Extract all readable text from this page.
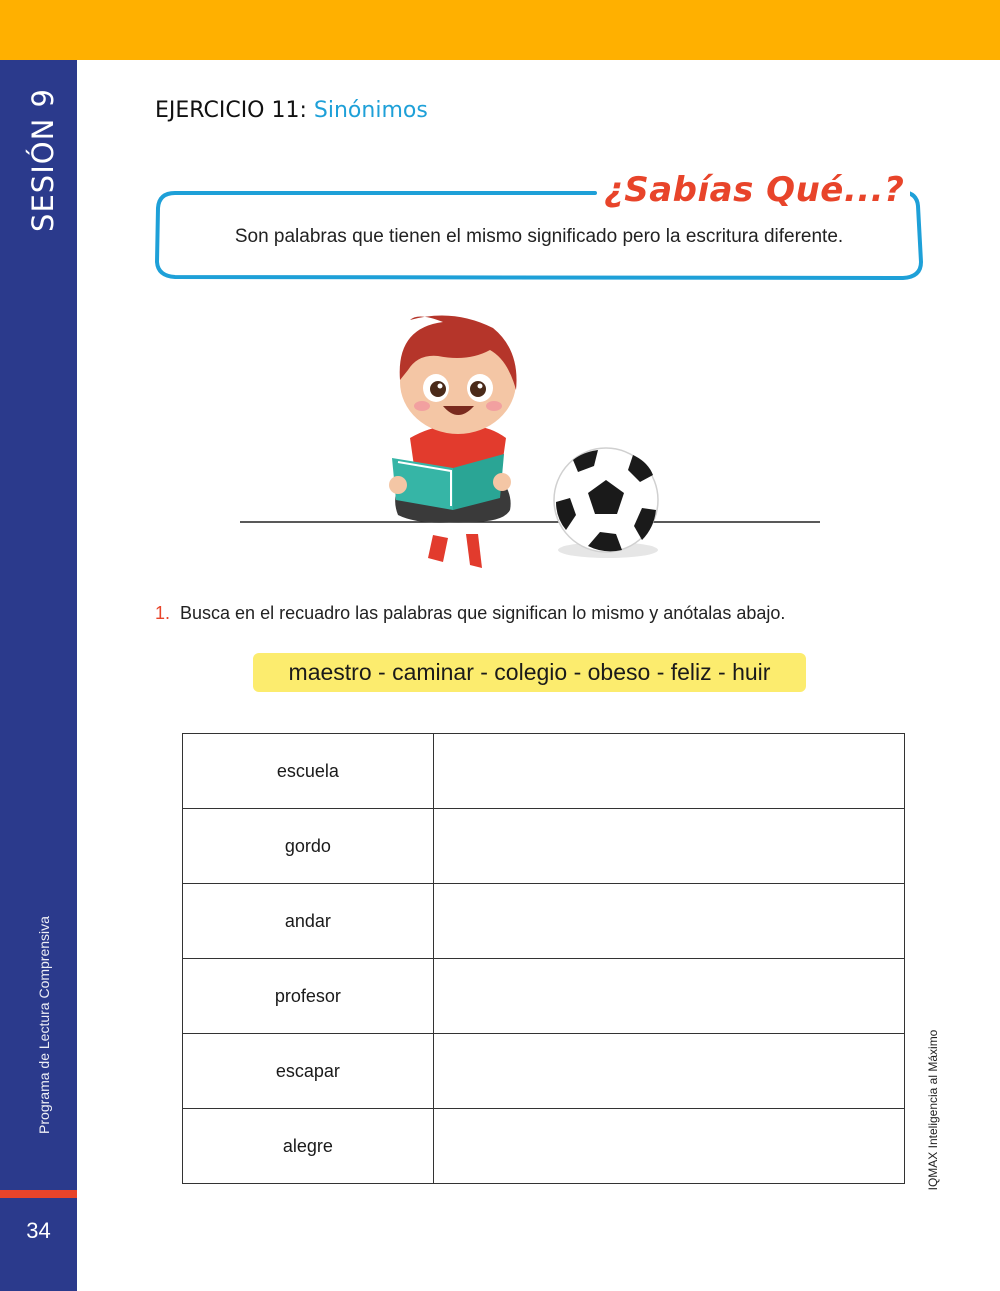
SESIÓN 9
Programa de Lectura Comprensiva
34
EJERCICIO 11: Sinónimos
¿Sabías Qué...?
Son palabras que tienen el mismo significado pero la escritura diferente.
1. Busca en el recuadro las palabras que significan lo mismo y anótalas abajo.
maestro - caminar - colegio - obeso - feliz - huir
escuela	
gordo	
andar	
profesor	
escapar	
alegre		IQMAX Inteligencia al Máximo
